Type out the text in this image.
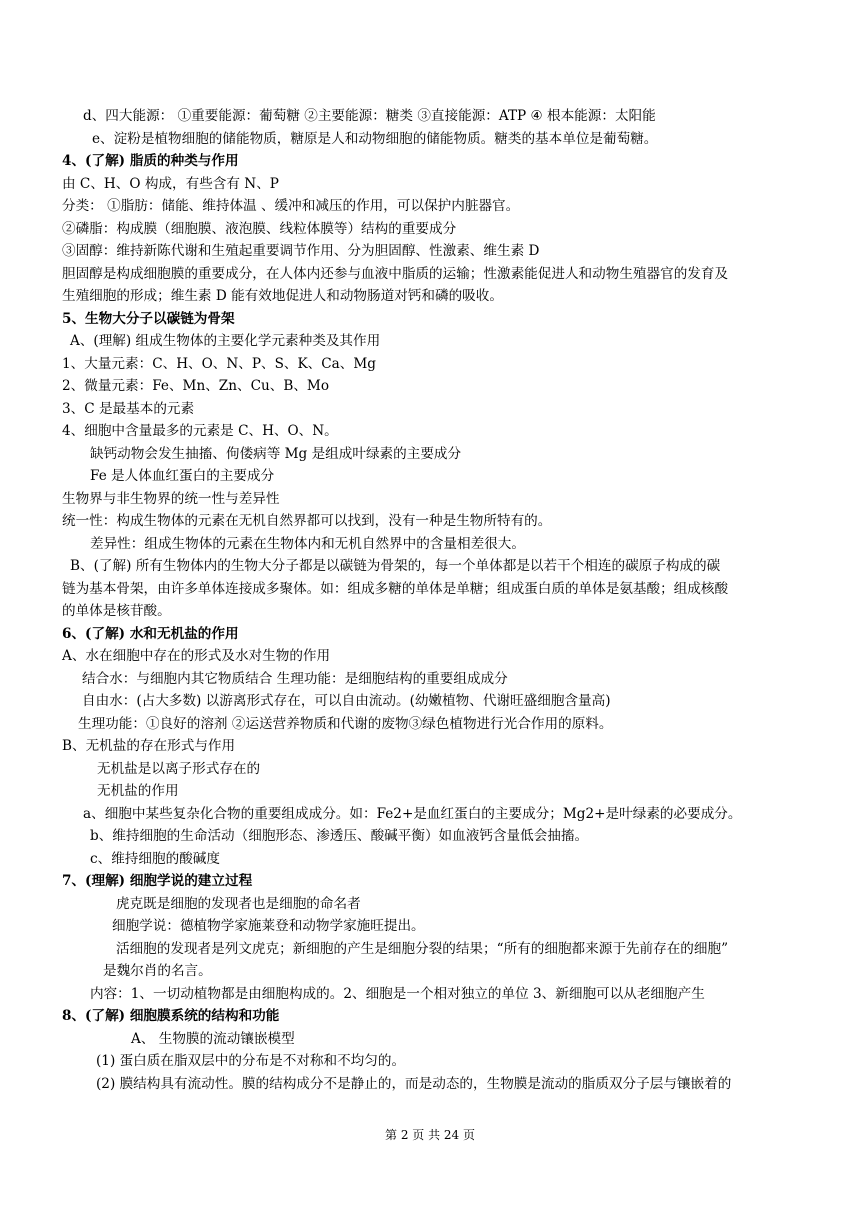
d、四大能源： ①重要能源：葡萄糖 ②主要能源：糖类 ③直接能源：ATP ④ 根本能源：太阳能
e、淀粉是植物细胞的储能物质，糖原是人和动物细胞的储能物质。糖类的基本单位是葡萄糖。
4、(了解) 脂质的种类与作用
由 C、H、O 构成，有些含有 N、P
分类： ①脂肪：储能、维持体温 、缓冲和减压的作用，可以保护内脏器官。
②磷脂：构成膜（细胞膜、液泡膜、线粒体膜等）结构的重要成分
③固醇：维持新陈代谢和生殖起重要调节作用、分为胆固醇、性激素、维生素 D
胆固醇是构成细胞膜的重要成分，在人体内还参与血液中脂质的运输；性激素能促进人和动物生殖器官的发育及
生殖细胞的形成；维生素 D 能有效地促进人和动物肠道对钙和磷的吸收。
5、生物大分子以碳链为骨架
A、(理解) 组成生物体的主要化学元素种类及其作用
1、大量元素：C、H、O、N、P、S、K、Ca、Mg
2、微量元素：Fe、Mn、Zn、Cu、B、Mo
3、C 是最基本的元素
4、细胞中含量最多的元素是 C、H、O、N。
缺钙动物会发生抽搐、佝偻病等 Mg 是组成叶绿素的主要成分
Fe 是人体血红蛋白的主要成分
生物界与非生物界的统一性与差异性
统一性：构成生物体的元素在无机自然界都可以找到，没有一种是生物所特有的。
差异性：组成生物体的元素在生物体内和无机自然界中的含量相差很大。
B、(了解) 所有生物体内的生物大分子都是以碳链为骨架的，每一个单体都是以若干个相连的碳原子构成的碳
链为基本骨架，由许多单体连接成多聚体。如：组成多糖的单体是单糖；组成蛋白质的单体是氨基酸；组成核酸
的单体是核苷酸。
6、(了解) 水和无机盐的作用
A、水在细胞中存在的形式及水对生物的作用
结合水：与细胞内其它物质结合 生理功能：是细胞结构的重要组成成分
自由水：(占大多数) 以游离形式存在，可以自由流动。(幼嫩植物、代谢旺盛细胞含量高)
生理功能：①良好的溶剂 ②运送营养物质和代谢的废物③绿色植物进行光合作用的原料。
B、无机盐的存在形式与作用
无机盐是以离子形式存在的
无机盐的作用
a、细胞中某些复杂化合物的重要组成成分。如：Fe2+是血红蛋白的主要成分；Mg2+是叶绿素的必要成分。
b、维持细胞的生命活动（细胞形态、渗透压、酸碱平衡）如血液钙含量低会抽搐。
c、维持细胞的酸碱度
7、(理解) 细胞学说的建立过程
虎克既是细胞的发现者也是细胞的命名者
细胞学说：德植物学家施莱登和动物学家施旺提出。
活细胞的发现者是列文虎克；新细胞的产生是细胞分裂的结果；“所有的细胞都来源于先前存在的细胞”
是魏尔肖的名言。
内容：1、一切动植物都是由细胞构成的。2、细胞是一个相对独立的单位 3、新细胞可以从老细胞产生
8、(了解) 细胞膜系统的结构和功能
A、 生物膜的流动镶嵌模型
(1) 蛋白质在脂双层中的分布是不对称和不均匀的。
(2) 膜结构具有流动性。膜的结构成分不是静止的，而是动态的，生物膜是流动的脂质双分子层与镶嵌着的
第 2 页 共 24 页
